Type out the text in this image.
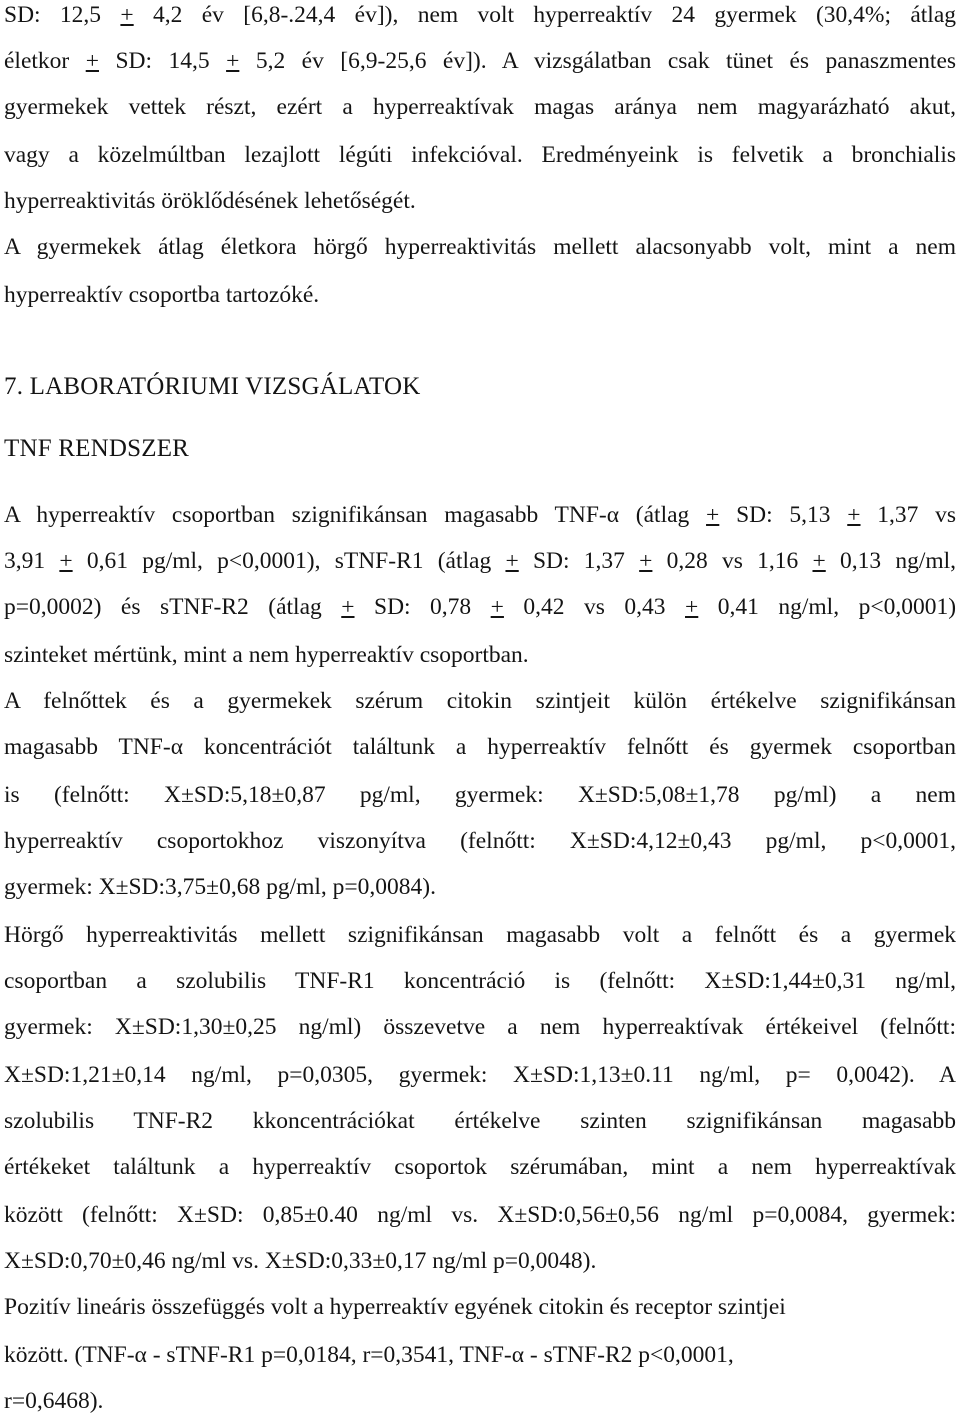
SD: 12,5 + 4,2 év [6,8-.24,4 év]), nem volt hyperreaktív 24 gyermek (30,4%; átlag
életkor + SD: 14,5 + 5,2 év [6,9-25,6 év]). A vizsgálatban csak tünet és panaszmentes
gyermekek vettek részt, ezért a hyperreaktívak magas aránya nem magyarázható akut,
vagy a közelmúltban lezajlott légúti infekcióval. Eredményeink is felvetik a bronchialis
hyperreaktivitás öröklődésének lehetőségét.
A gyermekek átlag életkora hörgő hyperreaktivitás mellett alacsonyabb volt, mint a nem
hyperreaktív csoportba tartozóké.
7. LABORATÓRIUMI VIZSGÁLATOK
TNF RENDSZER
A hyperreaktív csoportban szignifikánsan magasabb TNF-α (átlag + SD: 5,13 + 1,37 vs
3,91 + 0,61 pg/ml, p<0,0001), sTNF-R1 (átlag + SD: 1,37 + 0,28 vs 1,16 + 0,13 ng/ml,
p=0,0002) és sTNF-R2 (átlag + SD: 0,78 + 0,42 vs 0,43 + 0,41 ng/ml, p<0,0001)
szinteket mértünk, mint a nem hyperreaktív csoportban.
A felnőttek és a gyermekek szérum citokin szintjeit külön értékelve szignifikánsan
magasabb TNF-α koncentrációt találtunk a hyperreaktív felnőtt és gyermek csoportban
is (felnőtt: X±SD:5,18±0,87 pg/ml, gyermek: X±SD:5,08±1,78 pg/ml) a nem
hyperreaktív csoportokhoz viszonyítva (felnőtt: X±SD:4,12±0,43 pg/ml, p<0,0001,
gyermek: X±SD:3,75±0,68 pg/ml, p=0,0084).
Hörgő hyperreaktivitás mellett szignifikánsan magasabb volt a felnőtt és a gyermek
csoportban a szolubilis TNF-R1 koncentráció is (felnőtt: X±SD:1,44±0,31 ng/ml,
gyermek: X±SD:1,30±0,25 ng/ml) összevetve a nem hyperreaktívak értékeivel (felnőtt:
X±SD:1,21±0,14 ng/ml, p=0,0305, gyermek: X±SD:1,13±0.11 ng/ml, p= 0,0042). A
szolubilis TNF-R2 kkoncentrációkat értékelve szinten szignifikánsan magasabb
értékeket találtunk a hyperreaktív csoportok szérumában, mint a nem hyperreaktívak
között (felnőtt: X±SD: 0,85±0.40 ng/ml vs. X±SD:0,56±0,56 ng/ml p=0,0084, gyermek:
X±SD:0,70±0,46 ng/ml vs. X±SD:0,33±0,17 ng/ml p=0,0048).
Pozitív lineáris összefüggés volt a hyperreaktív egyének citokin és receptor szintjei
között. (TNF-α - sTNF-R1 p=0,0184, r=0,3541, TNF-α - sTNF-R2 p<0,0001,
r=0,6468).
